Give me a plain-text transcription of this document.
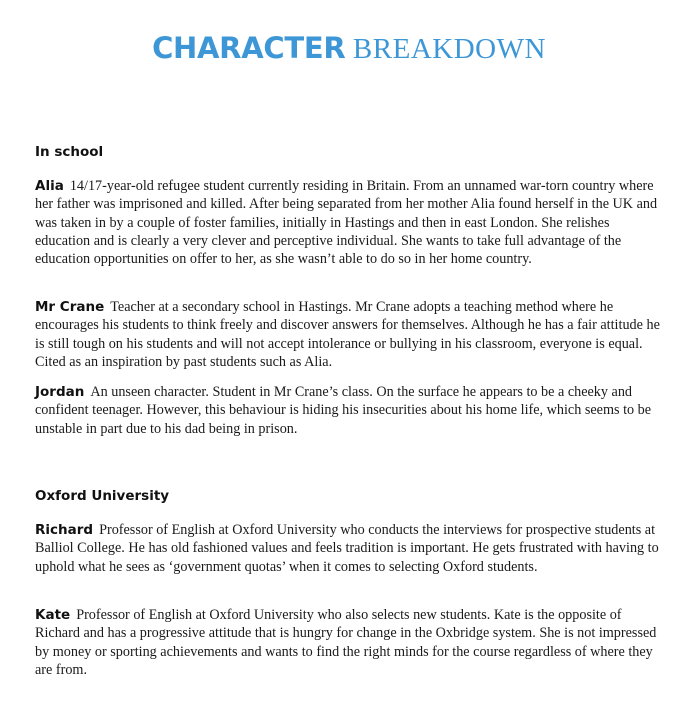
CHARACTER BREAKDOWN
In school
Alia 14/17-year-old refugee student currently residing in Britain. From an unnamed war-torn country where her father was imprisoned and killed. After being separated from her mother Alia found herself in the UK and was taken in by a couple of foster families, initially in Hastings and then in east London. She relishes education and is clearly a very clever and perceptive individual. She wants to take full advantage of the education opportunities on offer to her, as she wasn’t able to do so in her home country.
Mr Crane Teacher at a secondary school in Hastings. Mr Crane adopts a teaching method where he encourages his students to think freely and discover answers for themselves. Although he has a fair attitude he is still tough on his students and will not accept intolerance or bullying in his classroom, everyone is equal. Cited as an inspiration by past students such as Alia.
Jordan An unseen character. Student in Mr Crane’s class. On the surface he appears to be a cheeky and confident teenager. However, this behaviour is hiding his insecurities about his home life, which seems to be unstable in part due to his dad being in prison.
Oxford University
Richard Professor of English at Oxford University who conducts the interviews for prospective students at Balliol College. He has old fashioned values and feels tradition is important. He gets frustrated with having to uphold what he sees as ‘government quotas’ when it comes to selecting Oxford students.
Kate Professor of English at Oxford University who also selects new students. Kate is the opposite of Richard and has a progressive attitude that is hungry for change in the Oxbridge system. She is not impressed by money or sporting achievements and wants to find the right minds for the course regardless of where they are from.
